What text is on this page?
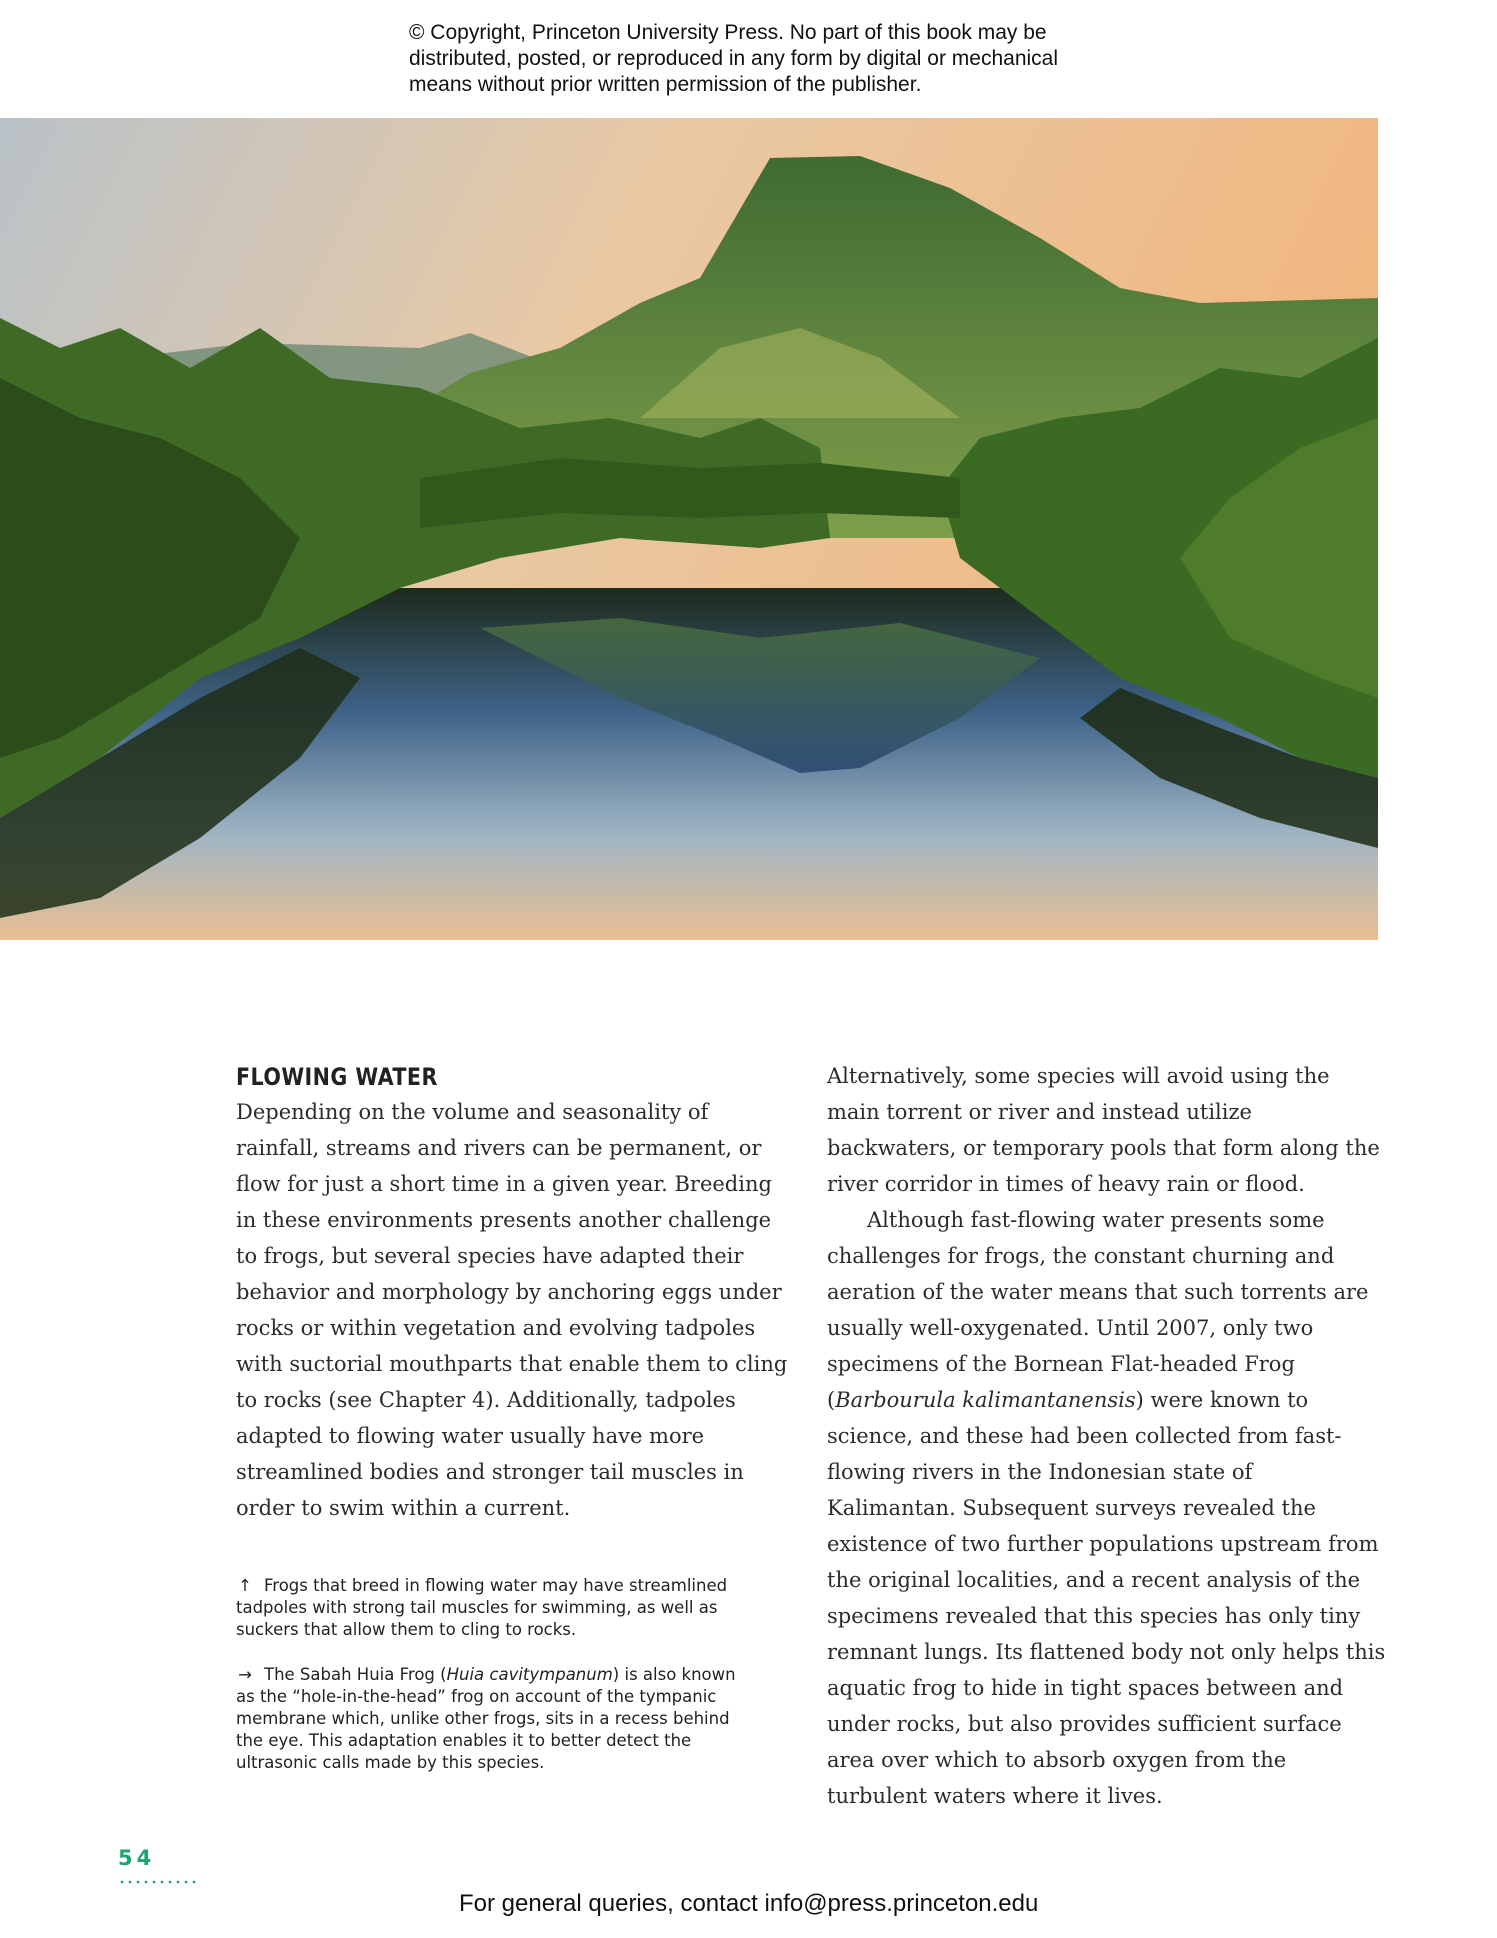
© Copyright, Princeton University Press. No part of this book may be
distributed, posted, or reproduced in any form by digital or mechanical
means without prior written permission of the publisher.

FLOWING WATER

Depending on the volume and seasonality of rainfall, streams and rivers can be permanent, or flow for just a short time in a given year. Breeding in these environments presents another challenge to frogs, but several species have adapted their behavior and morphology by anchoring eggs under rocks or within vegetation and evolving tadpoles with suctorial mouthparts that enable them to cling to rocks (see Chapter 4). Additionally, tadpoles adapted to flowing water usually have more streamlined bodies and stronger tail muscles in order to swim within a current.

Alternatively, some species will avoid using the main torrent or river and instead utilize backwaters, or temporary pools that form along the river corridor in times of heavy rain or flood.

Although fast-flowing water presents some challenges for frogs, the constant churning and aeration of the water means that such torrents are usually well-oxygenated. Until 2007, only two specimens of the Bornean Flat-headed Frog (Barbourula kalimantanensis) were known to science, and these had been collected from fast-flowing rivers in the Indonesian state of Kalimantan. Subsequent surveys revealed the existence of two further populations upstream from the original localities, and a recent analysis of the specimens revealed that this species has only tiny remnant lungs. Its flattened body not only helps this aquatic frog to hide in tight spaces between and under rocks, but also provides sufficient surface area over which to absorb oxygen from the turbulent waters where it lives.

↑ Frogs that breed in flowing water may have streamlined tadpoles with strong tail muscles for swimming, as well as suckers that allow them to cling to rocks.

→ The Sabah Huia Frog (Huia cavitympanum) is also known as the “hole-in-the-head” frog on account of the tympanic membrane which, unlike other frogs, sits in a recess behind the eye. This adaptation enables it to better detect the ultrasonic calls made by this species.

54

For general queries, contact info@press.princeton.edu
